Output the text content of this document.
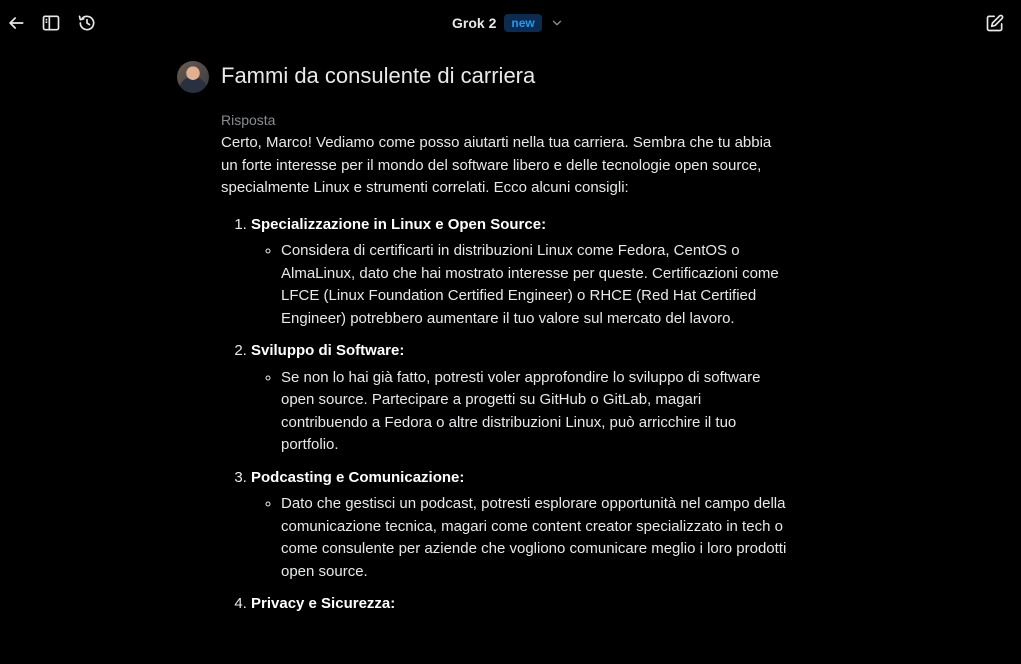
Grok 2	new
Fammi da consulente di carriera

Risposta

Certo, Marco! Vediamo come posso aiutarti nella tua carriera. Sembra che tu abbia un forte interesse per il mondo del software libero e delle tecnologie open source, specialmente Linux e strumenti correlati. Ecco alcuni consigli:

1. Specializzazione in Linux e Open Source:
◦ Considera di certificarti in distribuzioni Linux come Fedora, CentOS o AlmaLinux, dato che hai mostrato interesse per queste. Certificazioni come LFCE (Linux Foundation Certified Engineer) o RHCE (Red Hat Certified Engineer) potrebbero aumentare il tuo valore sul mercato del lavoro.
2. Sviluppo di Software:
◦ Se non lo hai già fatto, potresti voler approfondire lo sviluppo di software open source. Partecipare a progetti su GitHub o GitLab, magari contribuendo a Fedora o altre distribuzioni Linux, può arricchire il tuo portfolio.
3. Podcasting e Comunicazione:
◦ Dato che gestisci un podcast, potresti esplorare opportunità nel campo della comunicazione tecnica, magari come content creator specializzato in tech o come consulente per aziende che vogliono comunicare meglio i loro prodotti open source.
4. Privacy e Sicurezza:
